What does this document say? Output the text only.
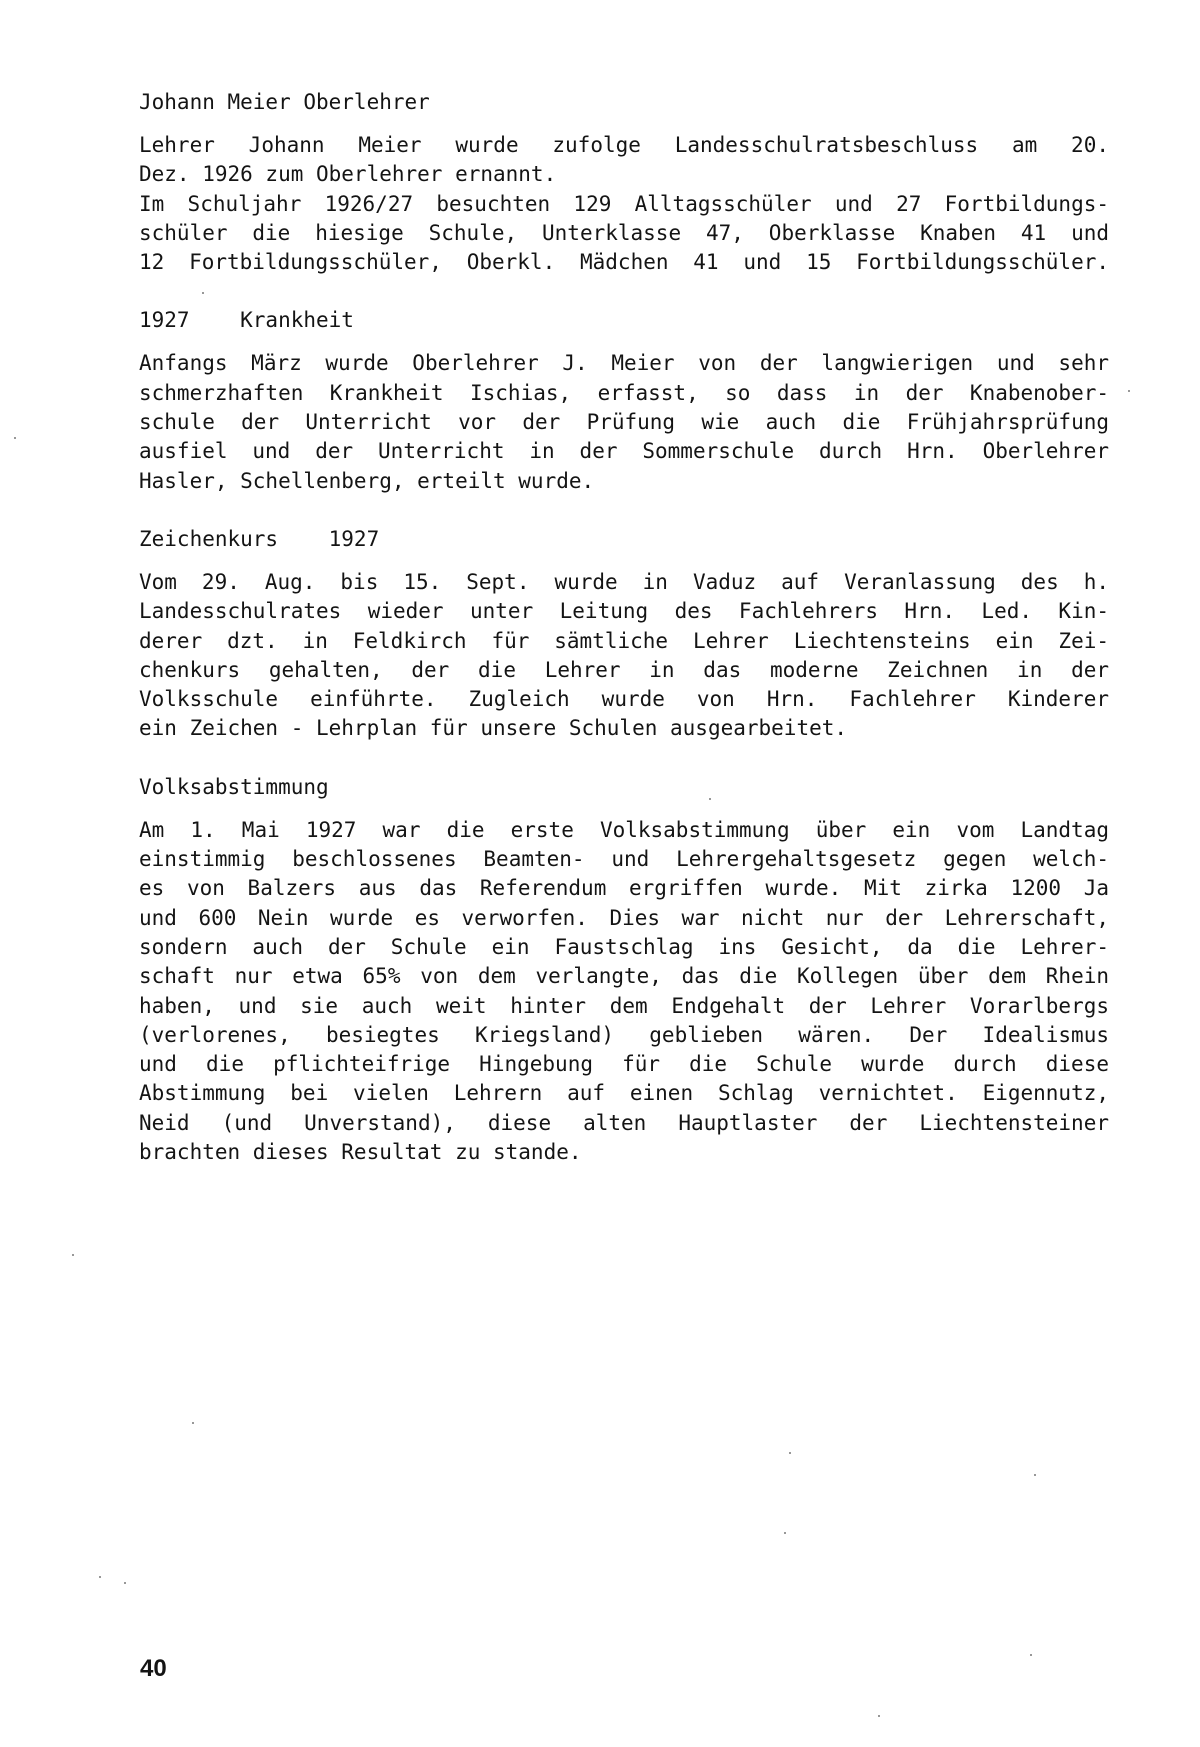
Johann Meier Oberlehrer
Lehrer Johann Meier wurde zufolge Landesschulratsbeschluss am 20.
Dez. 1926 zum Oberlehrer ernannt.
Im Schuljahr 1926/27 besuchten 129 Alltagsschüler und 27 Fortbildungs-
schüler die hiesige Schule, Unterklasse 47, Oberklasse Knaben 41 und
12 Fortbildungsschüler, Oberkl. Mädchen 41 und 15 Fortbildungsschüler.
1927    Krankheit
Anfangs März wurde Oberlehrer J. Meier von der langwierigen und sehr
schmerzhaften Krankheit Ischias, erfasst, so dass in der Knabenober-
schule der Unterricht vor der Prüfung wie auch die Frühjahrsprüfung
ausfiel und der Unterricht in der Sommerschule durch Hrn. Oberlehrer
Hasler, Schellenberg, erteilt wurde.
Zeichenkurs    1927
Vom 29. Aug. bis 15. Sept. wurde in Vaduz auf Veranlassung des h.
Landesschulrates wieder unter Leitung des Fachlehrers Hrn. Led. Kin-
derer dzt. in Feldkirch für sämtliche Lehrer Liechtensteins ein Zei-
chenkurs gehalten, der die Lehrer in das moderne Zeichnen in der
Volksschule einführte. Zugleich wurde von Hrn. Fachlehrer Kinderer
ein Zeichen - Lehrplan für unsere Schulen ausgearbeitet.
Volksabstimmung
Am 1. Mai 1927 war die erste Volksabstimmung über ein vom Landtag
einstimmig beschlossenes Beamten- und Lehrergehaltsgesetz gegen welch-
es von Balzers aus das Referendum ergriffen wurde. Mit zirka 1200 Ja
und 600 Nein wurde es verworfen. Dies war nicht nur der Lehrerschaft,
sondern auch der Schule ein Faustschlag ins Gesicht, da die Lehrer-
schaft nur etwa 65% von dem verlangte, das die Kollegen über dem Rhein
haben, und sie auch weit hinter dem Endgehalt der Lehrer Vorarlbergs
(verlorenes, besiegtes Kriegsland) geblieben wären. Der Idealismus
und die pflichteifrige Hingebung für die Schule wurde durch diese
Abstimmung bei vielen Lehrern auf einen Schlag vernichtet. Eigennutz,
Neid (und Unverstand), diese alten Hauptlaster der Liechtensteiner
brachten dieses Resultat zu stande.
40
